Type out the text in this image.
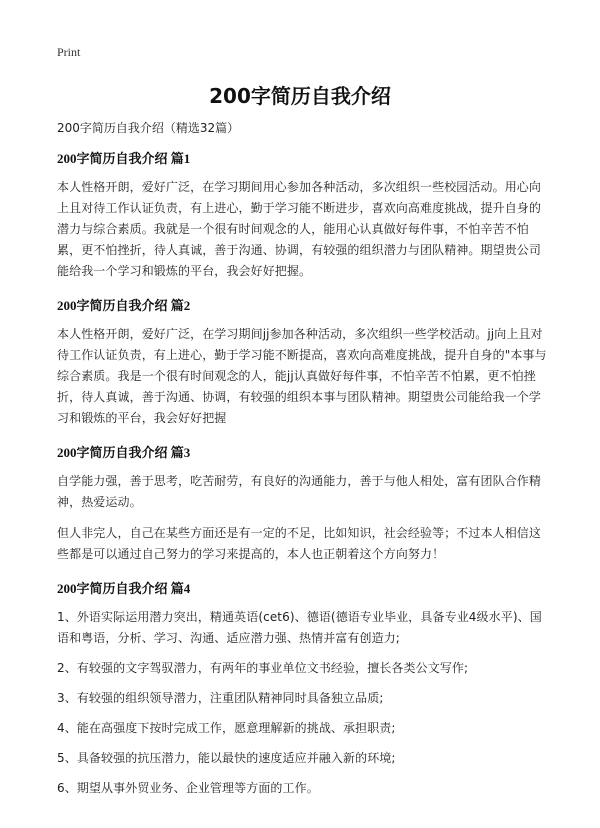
Print
200字简历自我介绍

200字简历自我介绍（精选32篇）

200字简历自我介绍 篇1

本人性格开朗，爱好广泛，在学习期间用心参加各种活动，多次组织一些校园活动。用心向上且对待工作认证负责，有上进心，勤于学习能不断进步，喜欢向高难度挑战，提升自身的潜力与综合素质。我就是一个很有时间观念的人，能用心认真做好每件事，不怕辛苦不怕累，更不怕挫折，待人真诚，善于沟通、协调，有较强的组织潜力与团队精神。期望贵公司能给我一个学习和锻炼的平台，我会好好把握。

200字简历自我介绍 篇2

本人性格开朗，爱好广泛，在学习期间jj参加各种活动，多次组织一些学校活动。jj向上且对待工作认证负责，有上进心，勤于学习能不断提高，喜欢向高难度挑战，提升自身的"本事与综合素质。我是一个很有时间观念的人，能jj认真做好每件事，不怕辛苦不怕累，更不怕挫折，待人真诚，善于沟通、协调，有较强的组织本事与团队精神。期望贵公司能给我一个学习和锻炼的平台，我会好好把握

200字简历自我介绍 篇3

自学能力强，善于思考，吃苦耐劳，有良好的沟通能力，善于与他人相处，富有团队合作精神，热爱运动。

但人非完人，自己在某些方面还是有一定的不足，比如知识，社会经验等；不过本人相信这些都是可以通过自己努力的学习来提高的，本人也正朝着这个方向努力！

200字简历自我介绍 篇4

1、外语实际运用潜力突出，精通英语(cet6)、德语(德语专业毕业，具备专业4级水平)、国语和粤语，分析、学习、沟通、适应潜力强、热情并富有创造力;

2、有较强的文字驾驭潜力，有两年的事业单位文书经验，擅长各类公文写作;

3、有较强的组织领导潜力，注重团队精神同时具备独立品质;

4、能在高强度下按时完成工作，愿意理解新的挑战、承担职责;

5、具备较强的抗压潜力，能以最快的速度适应并融入新的环境;

6、期望从事外贸业务、企业管理等方面的工作。
